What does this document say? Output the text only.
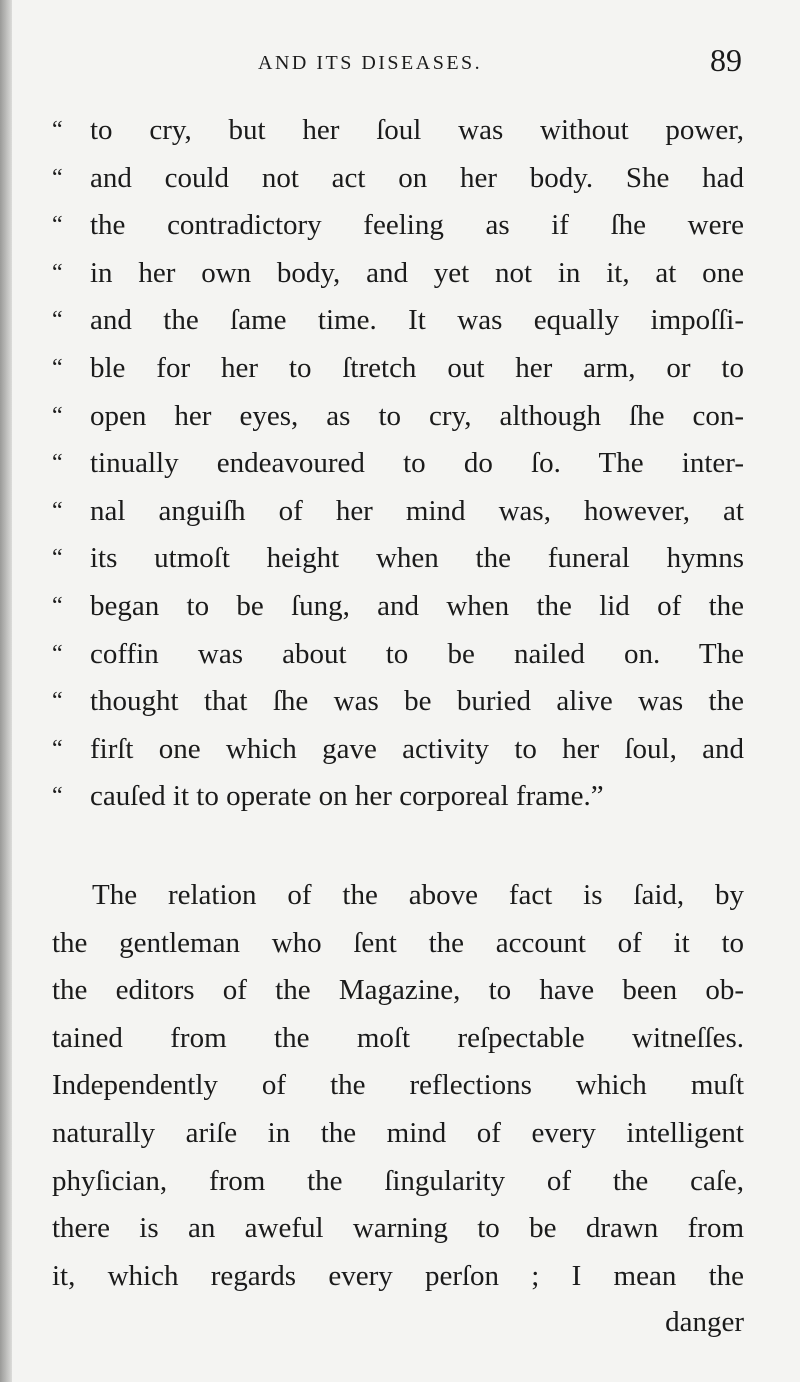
AND ITS DISEASES.	89
“ to cry, but her ſoul was without power,
“ and could not act on her body. She had
“ the contradictory feeling as if ſhe were
“ in her own body, and yet not in it, at one
“ and the ſame time. It was equally impoſſi-
“ ble for her to ſtretch out her arm, or to
“ open her eyes, as to cry, although ſhe con-
“ tinually endeavoured to do ſo. The inter-
“ nal anguiſh of her mind was, however, at
“ its utmoſt height when the funeral hymns
“ began to be ſung, and when the lid of the
“ coffin was about to be nailed on. The
“ thought that ſhe was be buried alive was the
“ firſt one which gave activity to her ſoul, and
“ cauſed it to operate on her corporeal frame.”
The relation of the above fact is ſaid, by
the gentleman who ſent the account of it to
the editors of the Magazine, to have been ob-
tained from the moſt reſpectable witneſſes.
Independently of the reflections which muſt
naturally ariſe in the mind of every intelligent
phyſician, from the ſingularity of the caſe,
there is an aweful warning to be drawn from
it, which regards every perſon ; I mean the
danger
